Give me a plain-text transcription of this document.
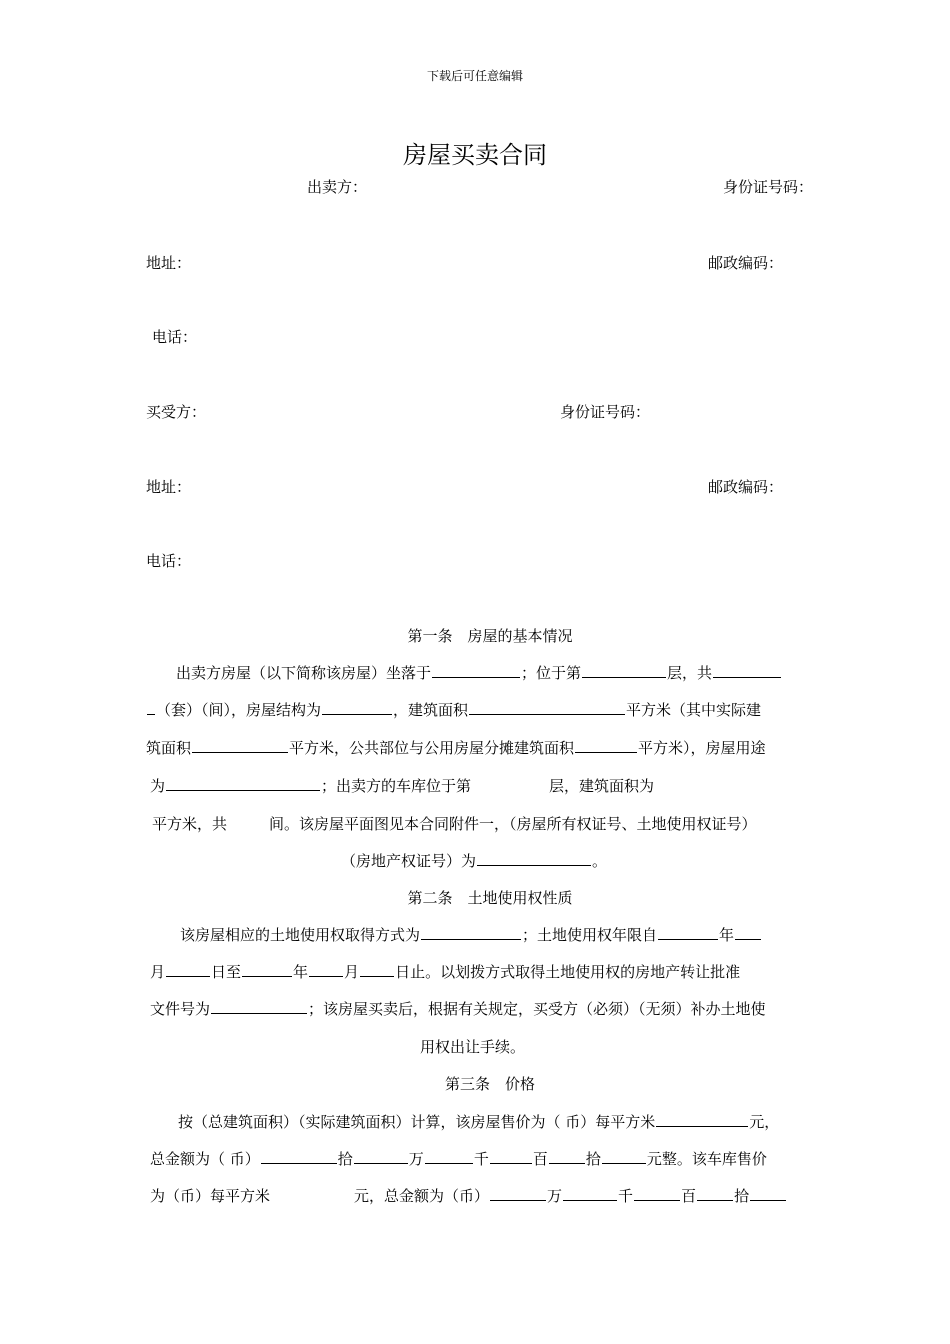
下载后可任意编辑
房屋买卖合同
出卖方：	身份证号码：
地址：	邮政编码：
电话：
买受方：	身份证号码：
地址：	邮政编码：
电话：
第一条　房屋的基本情况
出卖方房屋（以下简称该房屋）坐落于	；位于第	层，共
（套）（间），房屋结构为	，建筑面积	平方米（其中实际建
筑面积	平方米，公共部位与公用房屋分摊建筑面积	平方米），房屋用途
为	；出卖方的车库位于第	层，建筑面积为
平方米，共	间。该房屋平面图见本合同附件一，（房屋所有权证号、土地使用权证号）
（房地产权证号）为	。
第二条　土地使用权性质
该房屋相应的土地使用权取得方式为	；土地使用权年限自	年
月	日至	年 月 日止。以划拨方式取得土地使用权的房地产转让批准
文件号为	；该房屋买卖后，根据有关规定，买受方（必须）（无须）补办土地使
用权出让手续。
第三条　价格
按（总建筑面积）（实际建筑面积）计算，该房屋售价为（ 币）每平方米	元，
总金额为（ 币）	拾	万	千	百	拾	元整。该车库售价
为（币）每平方米	元，总金额为（币）	万	千	百	拾
